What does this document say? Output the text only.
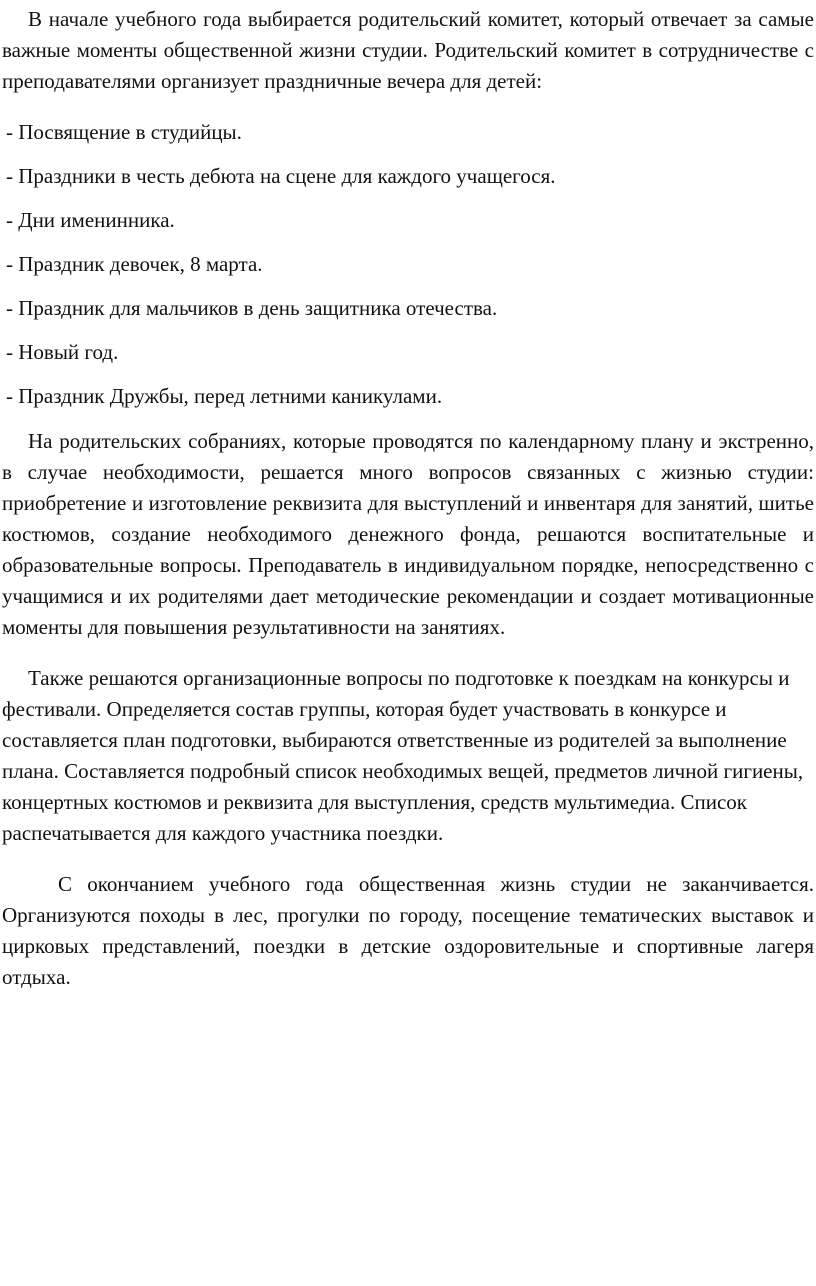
В начале учебного года выбирается родительский комитет, который отвечает за самые важные моменты общественной жизни студии. Родительский комитет в сотрудничестве с преподавателями организует праздничные вечера для детей:

- Посвящение в студийцы.
- Праздники в честь дебюта на сцене для каждого учащегося.
- Дни именинника.
- Праздник девочек, 8 марта.
- Праздник для мальчиков в день защитника отечества.
- Новый год.
- Праздник Дружбы, перед летними каникулами.

На родительских собраниях, которые проводятся по календарному плану и экстренно, в случае необходимости, решается много вопросов связанных с жизнью студии: приобретение и изготовление реквизита для выступлений и инвентаря для занятий, шитье костюмов, создание необходимого денежного фонда, решаются воспитательные и образовательные вопросы. Преподаватель в индивидуальном порядке, непосредственно с учащимися и их родителями дает методические рекомендации и создает мотивационные моменты для повышения результативности на занятиях.

Также решаются организационные вопросы по подготовке к поездкам на конкурсы и фестивали. Определяется состав группы, которая будет участвовать в конкурсе и составляется план подготовки, выбираются ответственные из родителей за выполнение плана. Составляется подробный список необходимых вещей, предметов личной гигиены, концертных костюмов и реквизита для выступления, средств мультимедиа. Список распечатывается для каждого участника поездки.

С окончанием учебного года общественная жизнь студии не заканчивается. Организуются походы в лес, прогулки по городу, посещение тематических выставок и цирковых представлений, поездки в детские оздоровительные и спортивные лагеря отдыха.
